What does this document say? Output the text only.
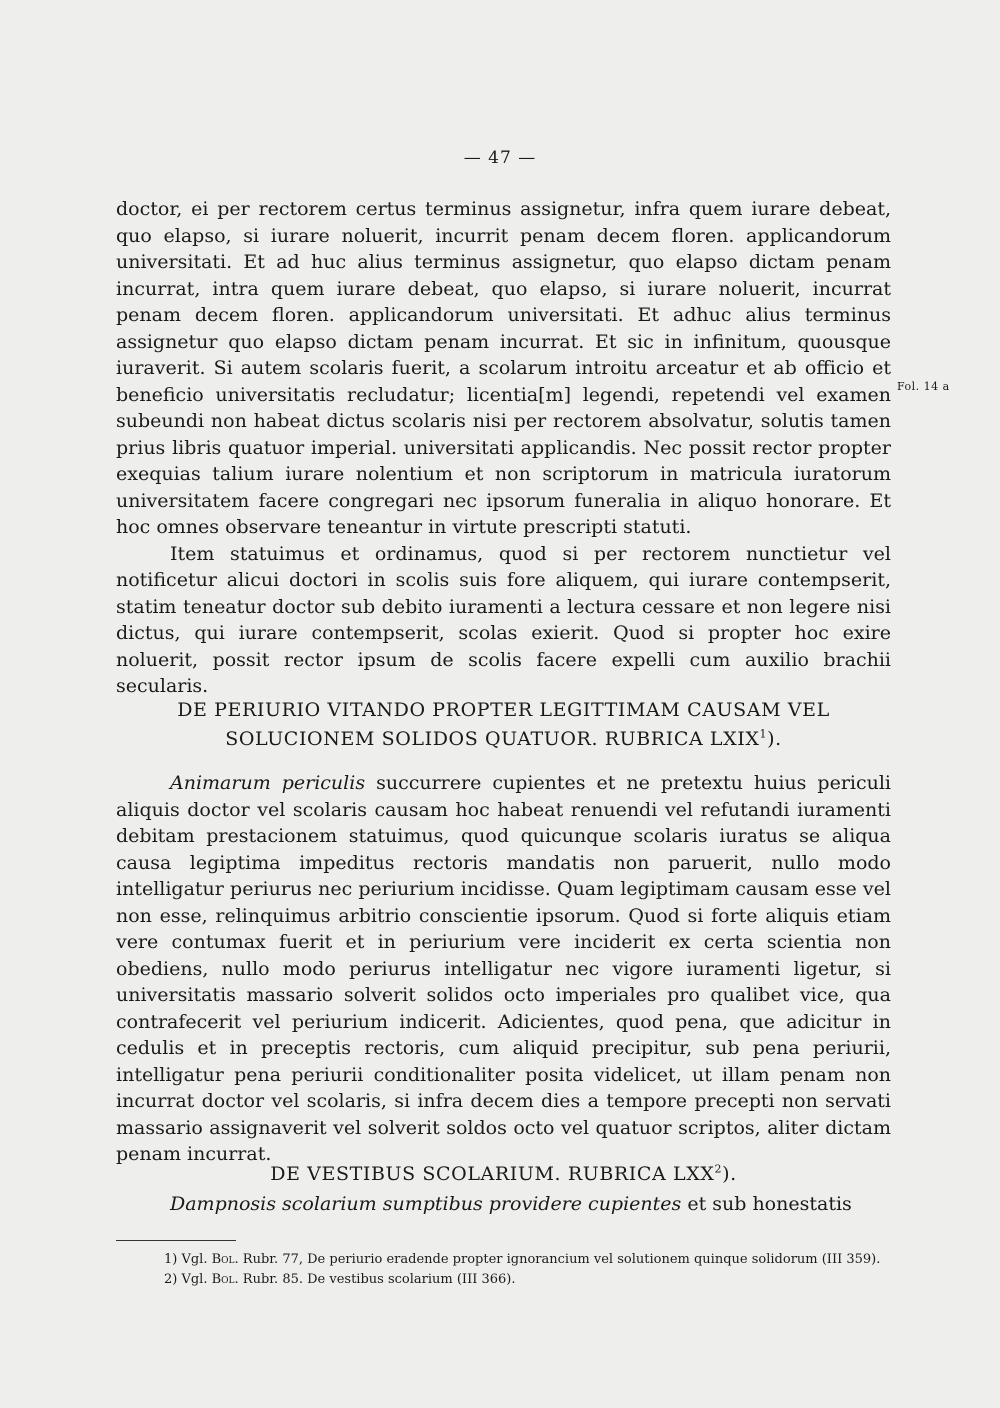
— 47 —

doctor, ei per rectorem certus terminus assignetur, infra quem iurare debeat, quo elapso, si iurare noluerit, incurrit penam decem floren. applicandorum universitati. Et ad huc alius terminus assignetur, quo elapso dictam penam incurrat, intra quem iurare debeat, quo elapso, si iurare noluerit, incurrat penam decem floren. applicandorum universitati. Et adhuc alius terminus assignetur quo elapso dictam penam incurrat. Et sic in infinitum, quousque iuraverit. Si autem scolaris fuerit, a scolarum introitu arceatur et ab officio et beneficio universitatis recludatur; licentia[m] legendi, repetendi vel examen subeundi non habeat dictus scolaris nisi per rectorem absolvatur, solutis tamen prius libris quatuor imperial. universitati applicandis. Nec possit rector propter exequias talium iurare nolentium et non scriptorum in matricula iuratorum universitatem facere congregari nec ipsorum funeralia in aliquo honorare. Et hoc omnes observare teneantur in virtute prescripti statuti.

Item statuimus et ordinamus, quod si per rectorem nunctietur vel notificetur alicui doctori in scolis suis fore aliquem, qui iurare contempserit, statim teneatur doctor sub debito iuramenti a lectura cessare et non legere nisi dictus, qui iurare contempserit, scolas exierit. Quod si propter hoc exire noluerit, possit rector ipsum de scolis facere expelli cum auxilio brachii secularis.

Fol. 14 a
DE PERIURIO VITANDO PROPTER LEGITTIMAM CAUSAM VEL
SOLUCIONEM SOLIDOS QUATUOR. RUBRICA LXIX$^1$).

Animarum periculis succurrere cupientes et ne pretextu huius periculi aliquis doctor vel scolaris causam hoc habeat renuendi vel refutandi iuramenti debitam prestacionem statuimus, quod quicunque scolaris iuratus se aliqua causa legiptima impeditus rectoris mandatis non paruerit, nullo modo intelligatur periurus nec periurium incidisse. Quam legiptimam causam esse vel non esse, relinquimus arbitrio conscientie ipsorum. Quod si forte aliquis etiam vere contumax fuerit et in periurium vere inciderit ex certa scientia non obediens, nullo modo periurus intelligatur nec vigore iuramenti ligetur, si universitatis massario solverit solidos octo imperiales pro qualibet vice, qua contrafecerit vel periurium indicerit. Adicientes, quod pena, que adicitur in cedulis et in preceptis rectoris, cum aliquid precipitur, sub pena periurii, intelligatur pena periurii conditionaliter posita videlicet, ut illam penam non incurrat doctor vel scolaris, si infra decem dies a tempore precepti non servati massario assignaverit vel solverit soldos octo vel quatuor scriptos, aliter dictam penam incurrat.

DE VESTIBUS SCOLARIUM. RUBRICA LXX$^2$).

Dampnosis scolarium sumptibus providere cupientes et sub honestatis

1) Vgl. Bol. Rubr. 77, De periurio eradende propter ignorancium vel solutionem quinque solidorum (III 359).

2) Vgl. Bol. Rubr. 85. De vestibus scolarium (III 366).
